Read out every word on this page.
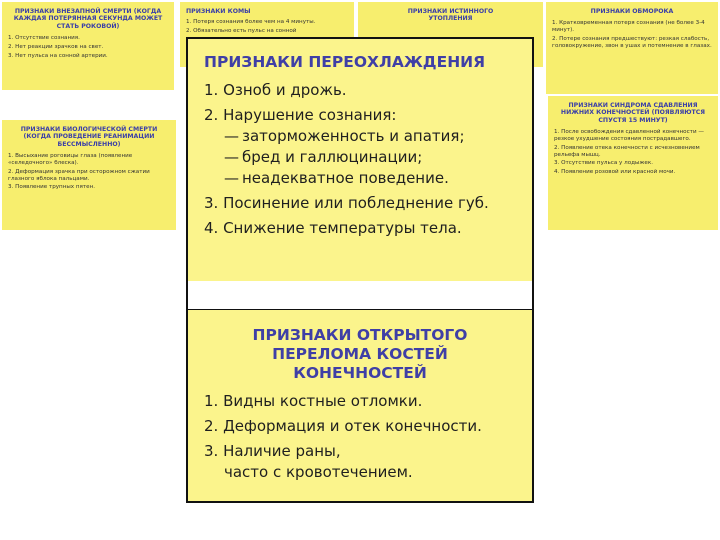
ПРИЗНАКИ ВНЕЗАПНОЙ СМЕРТИ (КОГДА КАЖДАЯ ПОТЕРЯННАЯ СЕКУНДА МОЖЕТ СТАТЬ РОКОВОЙ)
1. Отсутствие сознания.
2. Нет реакции зрачков на свет.
3. Нет пульса на сонной артерии.
ПРИЗНАКИ КОМЫ
1. Потеря сознания более чем на 4 минуты.
2. Обязательно есть пульс на сонной
ПРИЗНАКИ ИСТИННОГО УТОПЛЕНИЯ
ПРИЗНАКИ ОБМОРОКА
1. Кратковременная потеря сознания (не более 3-4 минут).
2. Потере сознания предшествуют: резкая слабость, головокружение, звон в ушах и потемнение в глазах.
ПРИЗНАКИ БИОЛОГИЧЕСКОЙ СМЕРТИ (КОГДА ПРОВЕДЕНИЕ РЕАНИМАЦИИ БЕССМЫСЛЕННО)
1. Высыхание роговицы глаза (появление «селедочного» блеска).
2. Деформация зрачка при осторожном сжатии глазного яблока пальцами.
3. Появление трупных пятен.
ПРИЗНАКИ СИНДРОМА СДАВЛЕНИЯ НИЖНИХ КОНЕЧНОСТЕЙ (ПОЯВЛЯЮТСЯ СПУСТЯ 15 МИНУТ)
1. После освобождения сдавленной конечности — резкое ухудшение состояния пострадавшего.
2. Появление отека конечности с исчезновением рельефа мышц.
3. Отсутствие пульса у лодыжек.
4. Появление розовой или красной мочи.
ПРИЗНАКИ ПЕРЕОХЛАЖДЕНИЯ
1. Озноб и дрожь.
2. Нарушение сознания:
— заторможенность и апатия;
— бред и галлюцинации;
— неадекватное поведение.
3. Посинение или побледнение губ.
4. Снижение температуры тела.
ПРИЗНАКИ ОТКРЫТОГО ПЕРЕЛОМА КОСТЕЙ КОНЕЧНОСТЕЙ
1. Видны костные отломки.
2. Деформация и отек конечности.
3. Наличие раны,
часто с кровотечением.
